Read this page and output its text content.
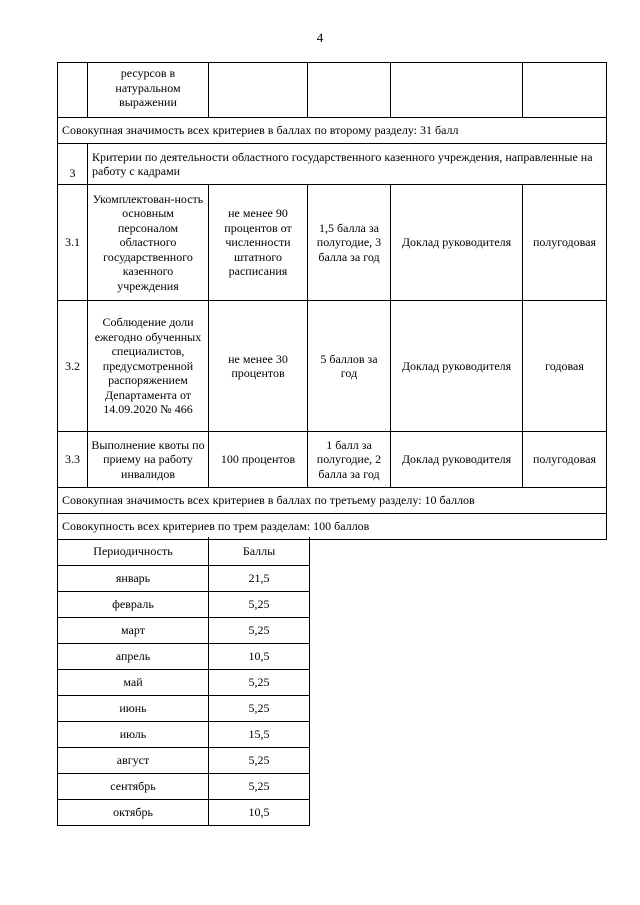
4
	ресурсов в натуральном выражении				
Совокупная значимость всех критериев в баллах по второму разделу: 31 балл					
3	Критерии по деятельности областного государственного казенного учреждения, направленные на работу с кадрами				
3.1	Укомплектован-ность основным персоналом областного государственного казенного учреждения	не менее 90 процентов от численности штатного расписания	1,5 балла за полугодие, 3 балла за год	Доклад руководителя	полугодовая
3.2	Соблюдение доли ежегодно обученных специалистов, предусмотренной распоряжением Департамента от 14.09.2020 № 466	не менее 30 процентов	5 баллов за год	Доклад руководителя	годовая
3.3	Выполнение квоты по приему на работу инвалидов	100 процентов	1 балл за полугодие, 2 балла за год	Доклад руководителя	полугодовая
Совокупная значимость всех критериев в баллах по третьему разделу: 10 баллов					
Совокупность всех критериев по трем разделам: 100 баллов					
Периодичность	Баллы
январь	21,5
февраль	5,25
март	5,25
апрель	10,5
май	5,25
июнь	5,25
июль	15,5
август	5,25
сентябрь	5,25
октябрь	10,5
